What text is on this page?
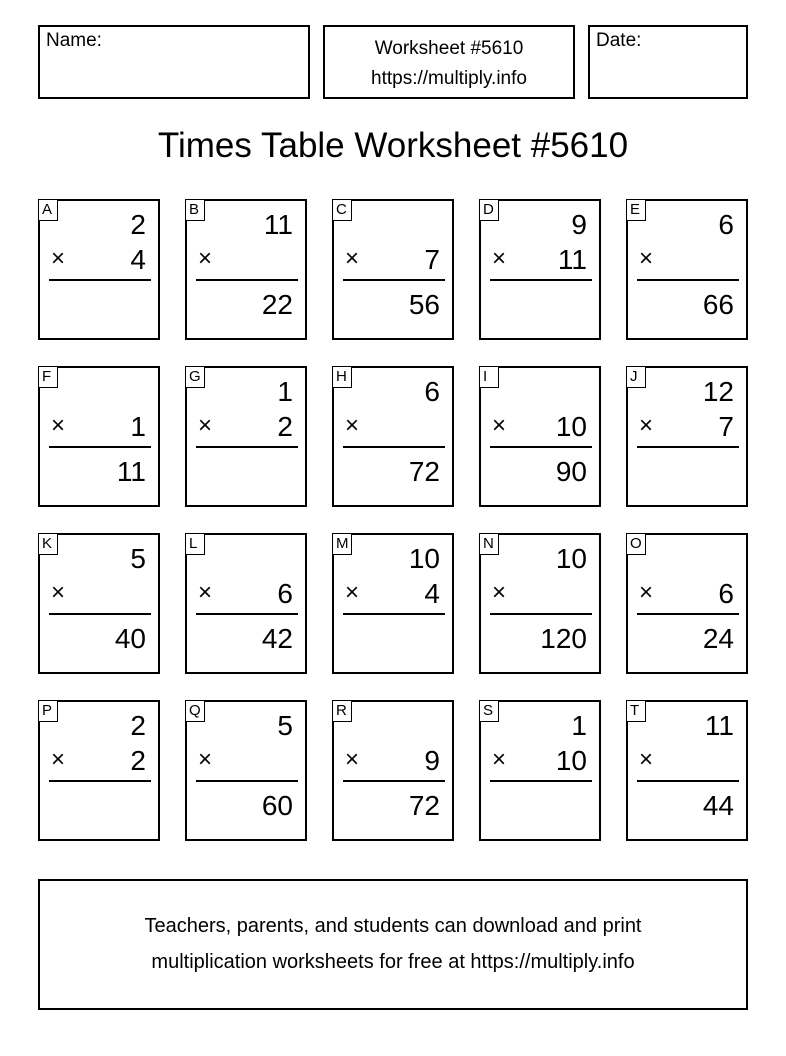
Name:	Worksheet #5610
https://multiply.info
Date:
Times Table Worksheet #5610
A	2
× 4
B 11
×
22
C
× 7
56
D	9
× 11
E	6
×
66
F
× 1
11
G	1
× 2
H	6
×
72
I
× 10
90
J	12
× 7
K	5
×
40
L
× 6
42
M 10
× 4
N 10
×
120
O
× 6
24
P	2
× 2
Q	5
×
60
R
× 9
72
S	1
× 10
T 11
×
44
Teachers, parents, and students can download and print
multiplication worksheets for free at https://multiply.info
